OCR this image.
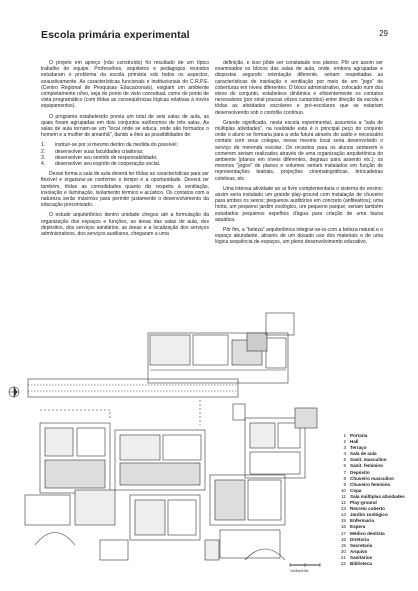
Escola primária experimental	29

O projeto em apreço (não construído) foi resultado de um típico trabalho de equipe. Professôres, arquitetos e pedagogos reunidos estudaram o problema da escola primária sob todos os aspectos, exaustivamente. As características funcionais e institucionais do C.R.P.E. (Centro Regional de Pesquisas Educacionais), exigiam um ambiente completamente nôvo, seja do ponto de visto conceitual, como do ponto de vista programático (com tôdas as conseqüências lógicas relativas à novos equipamentos).

O programa estabelecido previa um total de seis salas de aula, as quais foram agrupadas em dois conjuntos autônomos de três salas. As salas de aula tornam-se um "local onde se educa, onde são formados o homem e a mulher de amanhã", dando a êles as possibilidades de:

1.	instruir-se por si mesmo dentro da medida do possível;
2.	desenvolver suas faculdades criadoras;
3.	desenvolver seu sentido de responsabilidade;
4.	desenvolver seu espírito de cooperação social.

Desse forma a sala de aula deverá ter tôdas as características para ser flexível e organizar-se conforme o tempo e a oportunidade. Deverá ter também, tôdas as comodidades quanto diz respeito à ventilação, insolação e iluminação, isolamento térmico e acústico. Os contatos com a natureza serão máximos para permitir justamente o desenvolvimento da educação preconizado.

O estudo arquitetônico dentro unidade chegou até a formulação da organização dos espaços e funções, as áreas das salas de aula, dos depósitos, dos serviços sanitários, as áreas e a localização dos serviços administrativos, dos serviços auxiliares, chegaram a uma

definição, e isso pôde ser constatado nos planos. Pôr um assim ser examinados os blocos das salas de aula, onde, embora agrupadas e dispostas segundo orientação diferente, seriam respeitadas as características de insolação e ventilação por meio de um "jogo" de coberturas em níveis diferentes. O bloco administrativo, colocado num dos eixos do conjunto, estabelece dinâmica e eficientemente os contatos necessários (por sinal poucas vêzes cumpridos) entre direção da escola e tôdas as atividades escolares e pré-escolares que se estariam desenvolvendo sob o contrôle contínuo.

Grande significado, nesta escola experimental, assumiria a "sala de múltiplas atividades", na realidade esta é o principal peço do conjunto onde o aluno se formaria para a vida futura através do sadio e necessário contato com seus colegas, nesse mesmo local seria desenvolvido o serviço de merenda escolar. Os recantos para os alunos sentarem e comerem seriam realizados através de uma organização arquitetônica do ambiente (planos em níveis diferentes, degraus para assento etc.); os mesmos "jogos" de planos e volumes seriam instalados em função de representações teatrais, projeções cinematográficas, brincadeiras coletivas, etc.

Uma intensa atividade ao ar livre complementaria o sistema de ensino; assim seria instalado um grande play-ground com instalação de chuveiro para ambos os sexos; pequenos auditórios em concreto (anfiteatros); uma horta, um pequeno jardim zoológico, um pequeno parque; seriam também estudados pequenos espelhos d'água para criação de uma fauna aquática.

Pôr fim, a "beleza" arquitetônica integrar-se-ia com a beleza natural e o espaço abundante, através de um dosado uso dos materiais e de uma lógica sequência de espaços, um pleno desenvolvimento educativo.

1m/5m/10m
1 Portaria
2 Hall
3 Terraço
4 Sala de aula
5 Sanit. masculino
6 Sanit. feminino
7 Depósito
8 Chuveiro masculino
9 Chuveiro feminino
10 Copa
11 Sala múltiplas atividades
12 Play-ground
13 Recreio coberto
14 Jardim zoológico
15 Enfermaria
16 Espera
17 Médico dentista
18 Diretoria
19 Secretaria
20 Arquivo
21 Sanitários
22 Biblioteca
